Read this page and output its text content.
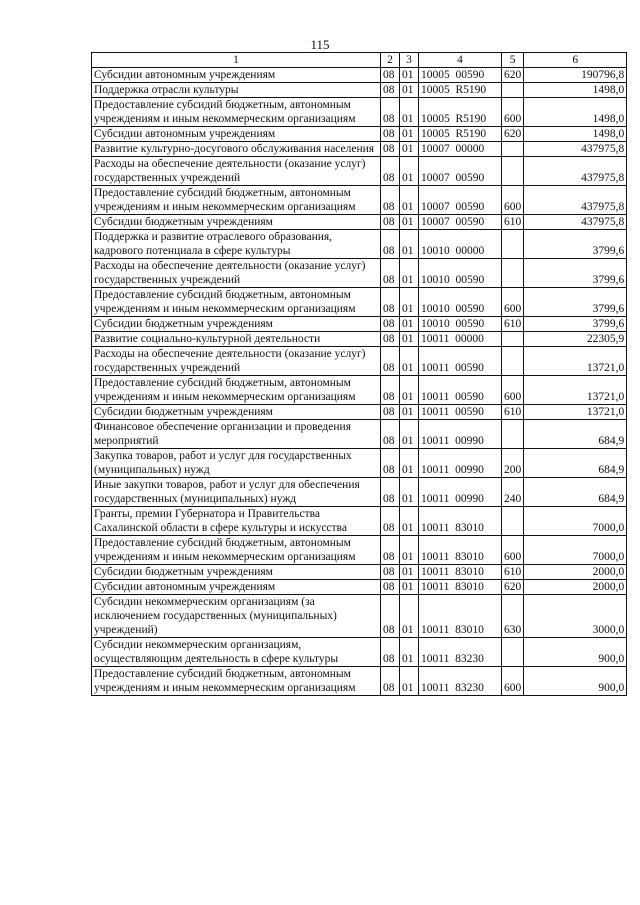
115
1	2	3	4	5	6
Субсидии автономным учреждениям	08	01	10005  00590	620	190796,8
Поддержка отрасли культуры	08	01	10005  R5190		1498,0
Предоставление субсидий бюджетным, автономным учреждениям и иным некоммерческим организациям	08	01	10005  R5190	600	1498,0
Субсидии автономным учреждениям	08	01	10005  R5190	620	1498,0
Развитие культурно-досугового обслуживания населения	08	01	10007  00000		437975,8
Расходы на обеспечение деятельности (оказание услуг) государственных учреждений	08	01	10007  00590		437975,8
Предоставление субсидий бюджетным, автономным учреждениям и иным некоммерческим организациям	08	01	10007  00590	600	437975,8
Субсидии бюджетным учреждениям	08	01	10007  00590	610	437975,8
Поддержка и развитие отраслевого образования, кадрового потенциала в сфере культуры	08	01	10010  00000		3799,6
Расходы на обеспечение деятельности (оказание услуг) государственных учреждений	08	01	10010  00590		3799,6
Предоставление субсидий бюджетным, автономным учреждениям и иным некоммерческим организациям	08	01	10010  00590	600	3799,6
Субсидии бюджетным учреждениям	08	01	10010  00590	610	3799,6
Развитие социально-культурной деятельности	08	01	10011  00000		22305,9
Расходы на обеспечение деятельности (оказание услуг) государственных учреждений	08	01	10011  00590		13721,0
Предоставление субсидий бюджетным, автономным учреждениям и иным некоммерческим организациям	08	01	10011  00590	600	13721,0
Субсидии бюджетным учреждениям	08	01	10011  00590	610	13721,0
Финансовое обеспечение организации и проведения мероприятий	08	01	10011  00990		684,9
Закупка товаров, работ и услуг для государственных (муниципальных) нужд	08	01	10011  00990	200	684,9
Иные закупки товаров, работ и услуг для обеспечения государственных (муниципальных) нужд	08	01	10011  00990	240	684,9
Гранты, премии Губернатора и Правительства Сахалинской области в сфере культуры и искусства	08	01	10011  83010		7000,0
Предоставление субсидий бюджетным, автономным учреждениям и иным некоммерческим организациям	08	01	10011  83010	600	7000,0
Субсидии бюджетным учреждениям	08	01	10011  83010	610	2000,0
Субсидии автономным учреждениям	08	01	10011  83010	620	2000,0
Субсидии некоммерческим организациям (за исключением государственных (муниципальных) учреждений)	08	01	10011  83010	630	3000,0
Субсидии некоммерческим организациям, осуществляющим деятельность в сфере культуры	08	01	10011  83230		900,0
Предоставление субсидий бюджетным, автономным учреждениям и иным некоммерческим организациям	08	01	10011  83230	600	900,0
